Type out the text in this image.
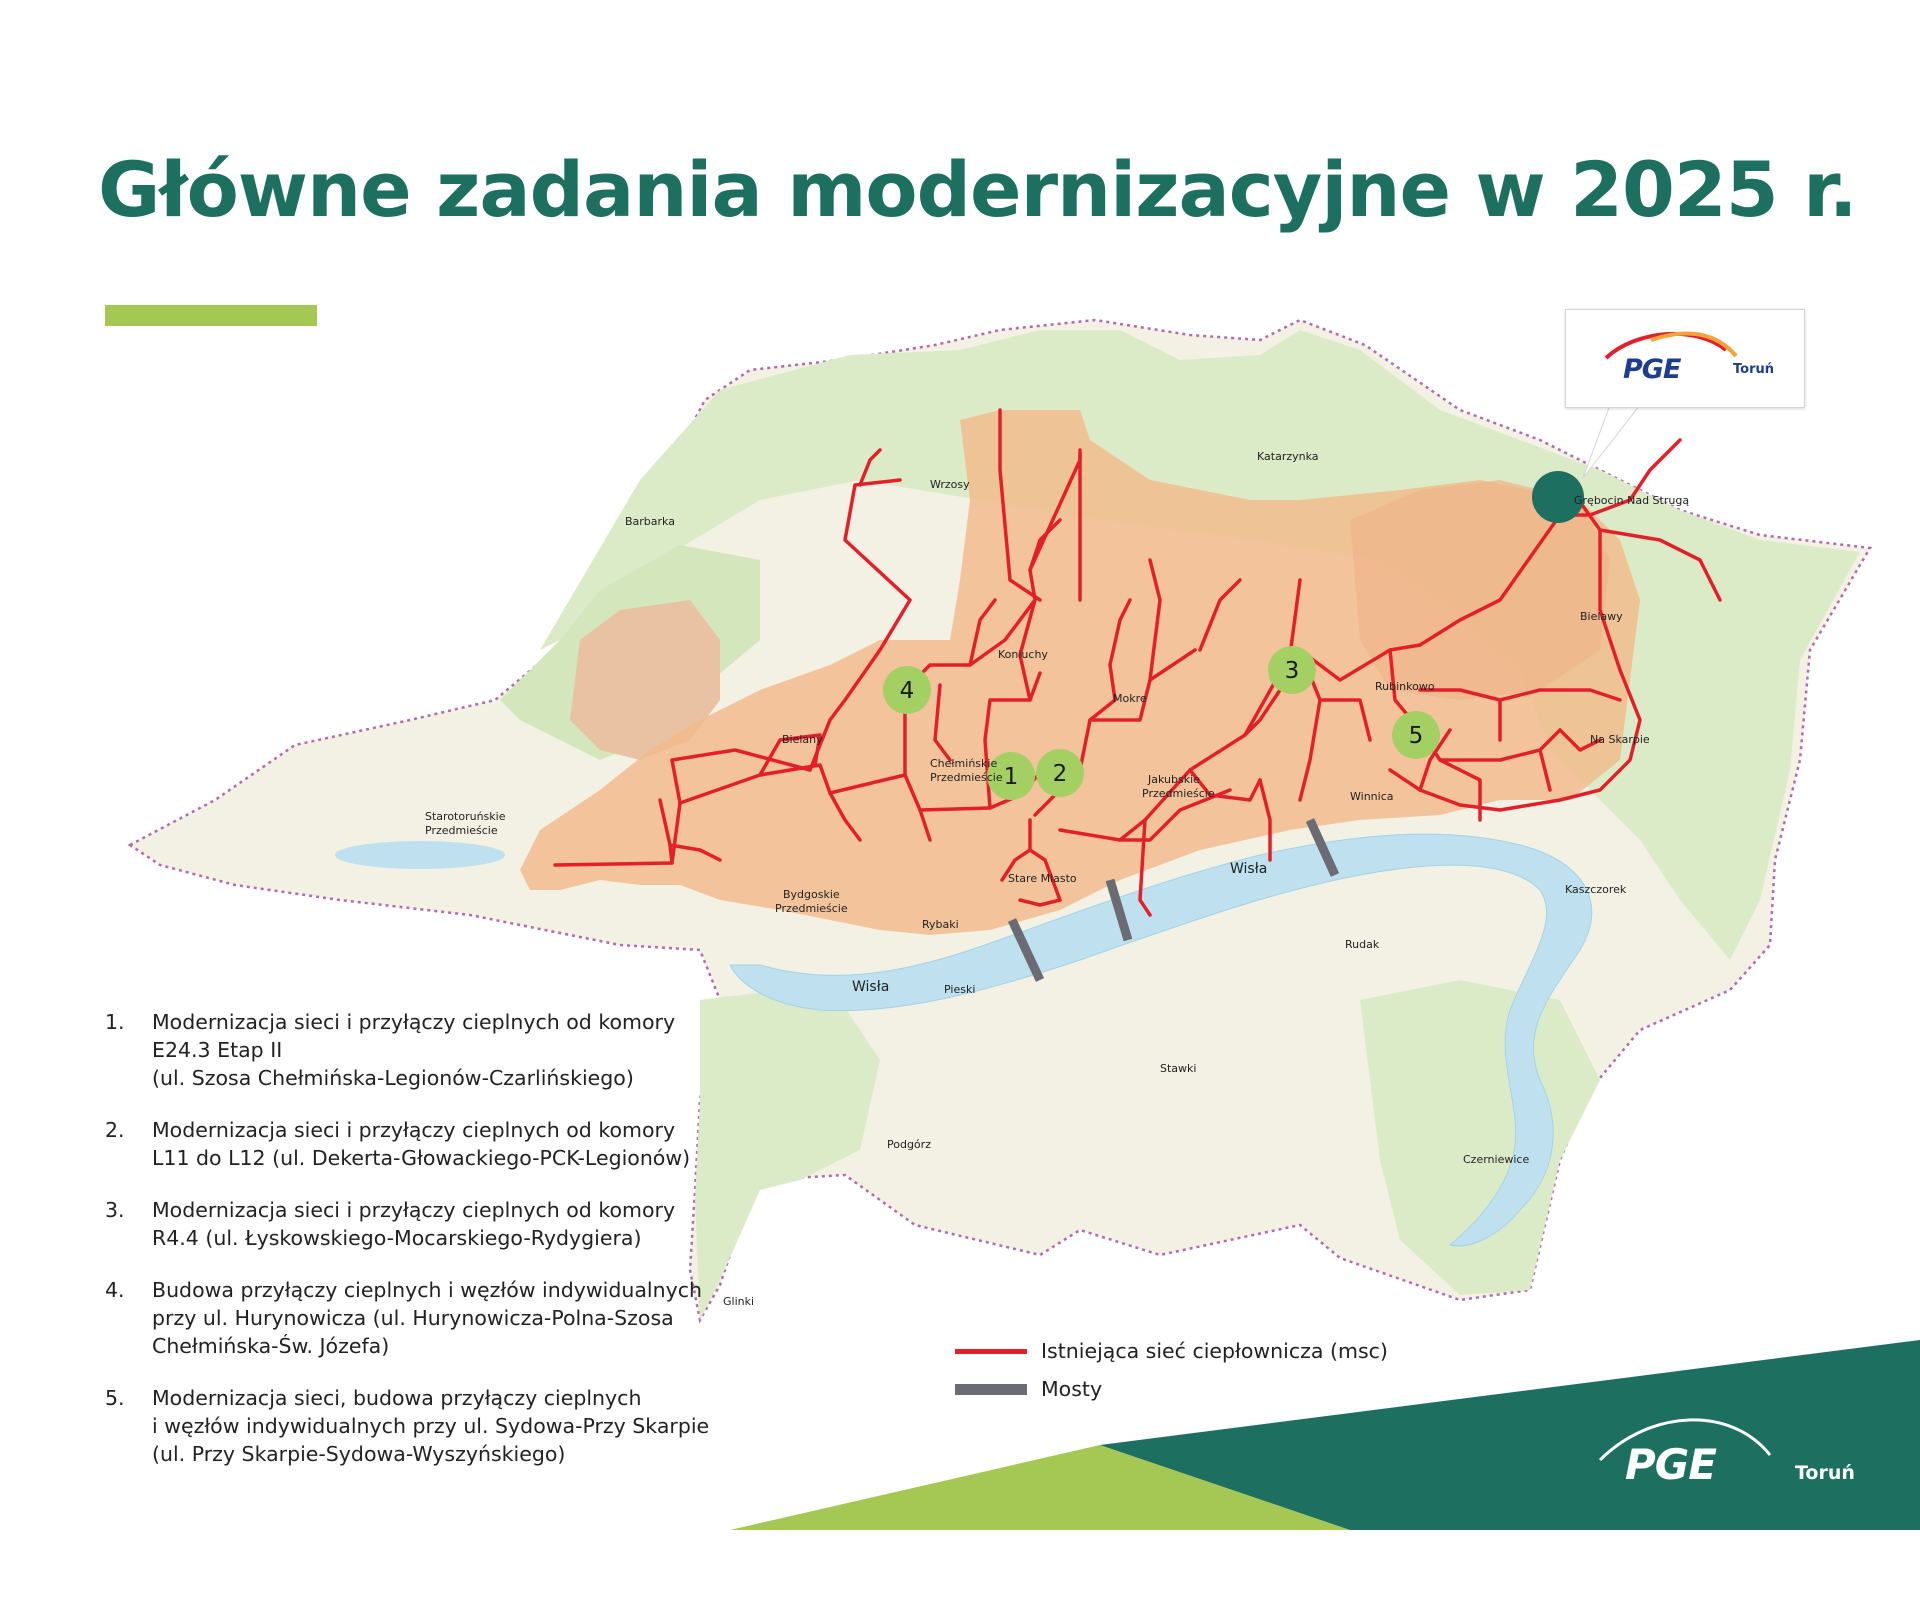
Główne zadania modernizacyjne w 2025 r.
1 2
3
4
5
Wrzosy
Barbarka
Katarzynka
Grębocin Nad Strugą
Bielawy
Kaszczorek
Na Skarpie
Rubinkowo
Mokre
Koniuchy
Bielany
Chełmińskie
Przedmieście	Jakubskie
Przedmieście
Starotoruńskie
Przedmieście
Bydgoskie
Przedmieście
Rybaki
Stare Miasto
Winnica
Wisła
Wisła	Pieski
Rudak
Stawki
Podgórz
Czerniewice
Glinki
PGE	Toruń
1. Modernizacja sieci i przyłączy cieplnych od komory
E24.3 Etap II
(ul. Szosa Chełmińska-Legionów-Czarlińskiego)
2. Modernizacja sieci i przyłączy cieplnych od komory
L11 do L12 (ul. Dekerta-Głowackiego-PCK-Legionów)
3. Modernizacja sieci i przyłączy cieplnych od komory
R4.4 (ul. Łyskowskiego-Mocarskiego-Rydygiera)
4. Budowa przyłączy cieplnych i węzłów indywidualnych
przy ul. Hurynowicza (ul. Hurynowicza-Polna-Szosa
Chełmińska-Św. Józefa)
5. Modernizacja sieci, budowa przyłączy cieplnych
i węzłów indywidualnych przy ul. Sydowa-Przy Skarpie
(ul. Przy Skarpie-Sydowa-Wyszyńskiego)
Istniejąca sieć ciepłownicza (msc)
Mosty
PGE	Toruń
